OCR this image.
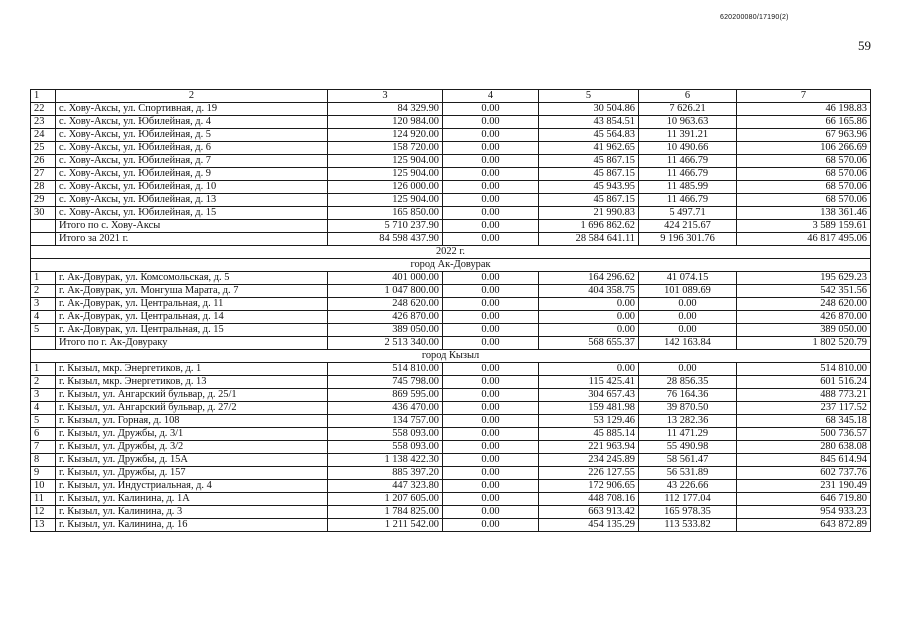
620200080/17190(2)
59
1	2	3	4	5	6	7
22	с. Хову-Аксы, ул. Спортивная, д. 19	84 329.90	0.00	30 504.86	7 626.21	46 198.83
23	с. Хову-Аксы, ул. Юбилейная, д. 4	120 984.00	0.00	43 854.51	10 963.63	66 165.86
24	с. Хову-Аксы, ул. Юбилейная, д. 5	124 920.00	0.00	45 564.83	11 391.21	67 963.96
25	с. Хову-Аксы, ул. Юбилейная, д. 6	158 720.00	0.00	41 962.65	10 490.66	106 266.69
26	с. Хову-Аксы, ул. Юбилейная, д. 7	125 904.00	0.00	45 867.15	11 466.79	68 570.06
27	с. Хову-Аксы, ул. Юбилейная, д. 9	125 904.00	0.00	45 867.15	11 466.79	68 570.06
28	с. Хову-Аксы, ул. Юбилейная, д. 10	126 000.00	0.00	45 943.95	11 485.99	68 570.06
29	с. Хову-Аксы, ул. Юбилейная, д. 13	125 904.00	0.00	45 867.15	11 466.79	68 570.06
30	с. Хову-Аксы, ул. Юбилейная, д. 15	165 850.00	0.00	21 990.83	5 497.71	138 361.46
	Итого по с. Хову-Аксы	5 710 237.90	0.00	1 696 862.62	424 215.67	3 589 159.61
	Итого за 2021 г.	84 598 437.90	0.00	28 584 641.11	9 196 301.76	46 817 495.06
2022 г.						
город Ак-Довурак						
1	г. Ак-Довурак, ул. Комсомольская, д. 5	401 000.00	0.00	164 296.62	41 074.15	195 629.23
2	г. Ак-Довурак, ул. Монгуша Марата, д. 7	1 047 800.00	0.00	404 358.75	101 089.69	542 351.56
3	г. Ак-Довурак, ул. Центральная, д. 11	248 620.00	0.00	0.00	0.00	248 620.00
4	г. Ак-Довурак, ул. Центральная, д. 14	426 870.00	0.00	0.00	0.00	426 870.00
5	г. Ак-Довурак, ул. Центральная, д. 15	389 050.00	0.00	0.00	0.00	389 050.00
	Итого по г. Ак-Довураку	2 513 340.00	0.00	568 655.37	142 163.84	1 802 520.79
город Кызыл						
1	г. Кызыл, мкр. Энергетиков, д. 1	514 810.00	0.00	0.00	0.00	514 810.00
2	г. Кызыл, мкр. Энергетиков, д. 13	745 798.00	0.00	115 425.41	28 856.35	601 516.24
3	г. Кызыл, ул. Ангарский бульвар, д. 25/1	869 595.00	0.00	304 657.43	76 164.36	488 773.21
4	г. Кызыл, ул. Ангарский бульвар, д. 27/2	436 470.00	0.00	159 481.98	39 870.50	237 117.52
5	г. Кызыл, ул. Горная, д. 108	134 757.00	0.00	53 129.46	13 282.36	68 345.18
6	г. Кызыл, ул. Дружбы, д. 3/1	558 093.00	0.00	45 885.14	11 471.29	500 736.57
7	г. Кызыл, ул. Дружбы, д. 3/2	558 093.00	0.00	221 963.94	55 490.98	280 638.08
8	г. Кызыл, ул. Дружбы, д. 15А	1 138 422.30	0.00	234 245.89	58 561.47	845 614.94
9	г. Кызыл, ул. Дружбы, д. 157	885 397.20	0.00	226 127.55	56 531.89	602 737.76
10	г. Кызыл, ул. Индустриальная, д. 4	447 323.80	0.00	172 906.65	43 226.66	231 190.49
11	г. Кызыл, ул. Калинина, д. 1А	1 207 605.00	0.00	448 708.16	112 177.04	646 719.80
12	г. Кызыл, ул. Калинина, д. 3	1 784 825.00	0.00	663 913.42	165 978.35	954 933.23
13	г. Кызыл, ул. Калинина, д. 16	1 211 542.00	0.00	454 135.29	113 533.82	643 872.89
